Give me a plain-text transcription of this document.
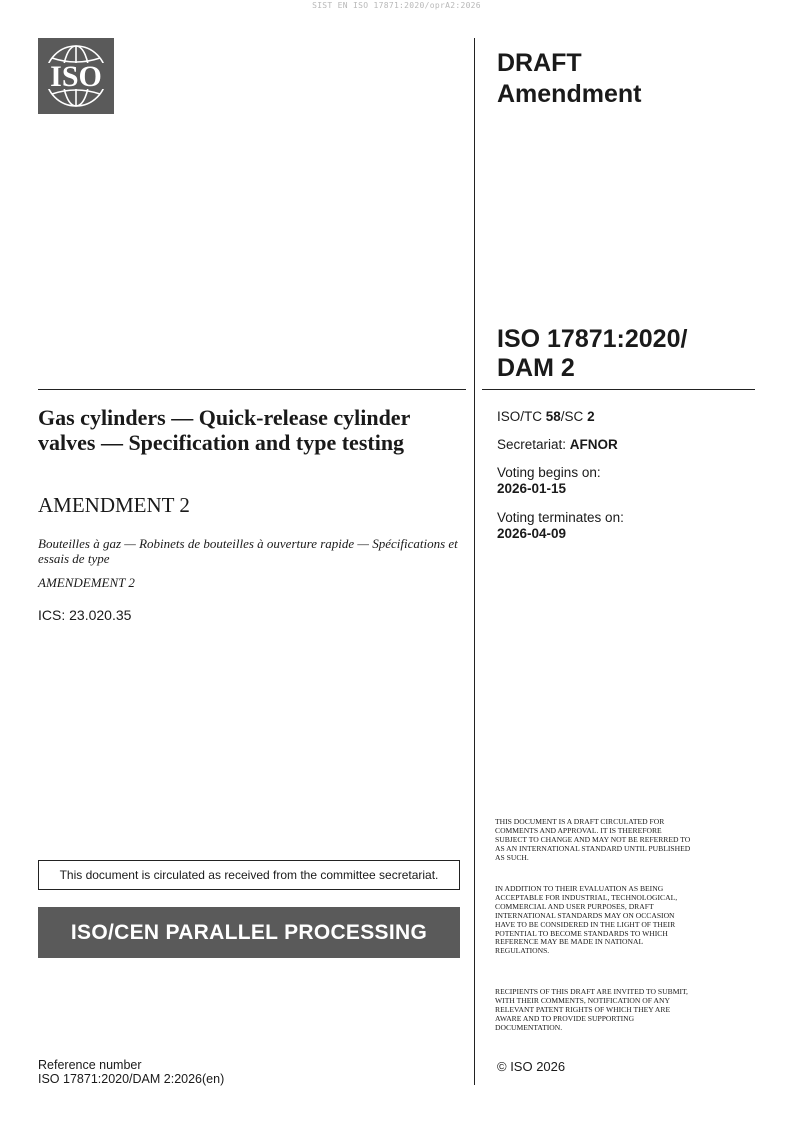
SIST EN ISO 17871:2020/oprA2:2026
ISO	DRAFT
Amendment
ISO 17871:2020/
DAM 2
Gas cylinders — Quick-release cylinder valves — Specification and type testing
AMENDMENT 2
Bouteilles à gaz — Robinets de bouteilles à ouverture rapide — Spécifications et essais de type
AMENDEMENT 2
ICS: 23.020.35
ISO/TC 58/SC 2
Secretariat: AFNOR
Voting begins on:
2026-01-15
Voting terminates on:
2026-04-09
This document is circulated as received from the committee secretariat.
ISO/CEN PARALLEL PROCESSING
THIS DOCUMENT IS A DRAFT CIRCULATED FOR COMMENTS AND APPROVAL. IT IS THEREFORE SUBJECT TO CHANGE AND MAY NOT BE REFERRED TO AS AN INTERNATIONAL STANDARD UNTIL PUBLISHED AS SUCH.
IN ADDITION TO THEIR EVALUATION AS BEING ACCEPTABLE FOR INDUSTRIAL, TECHNOLOGICAL, COMMERCIAL AND USER PURPOSES, DRAFT INTERNATIONAL STANDARDS MAY ON OCCASION HAVE TO BE CONSIDERED IN THE LIGHT OF THEIR POTENTIAL TO BECOME STANDARDS TO WHICH REFERENCE MAY BE MADE IN NATIONAL REGULATIONS.
RECIPIENTS OF THIS DRAFT ARE INVITED TO SUBMIT, WITH THEIR COMMENTS, NOTIFICATION OF ANY RELEVANT PATENT RIGHTS OF WHICH THEY ARE AWARE AND TO PROVIDE SUPPORTING DOCUMENTATION.
© ISO 2026
Reference number
ISO 17871:2020/DAM 2:2026(en)
